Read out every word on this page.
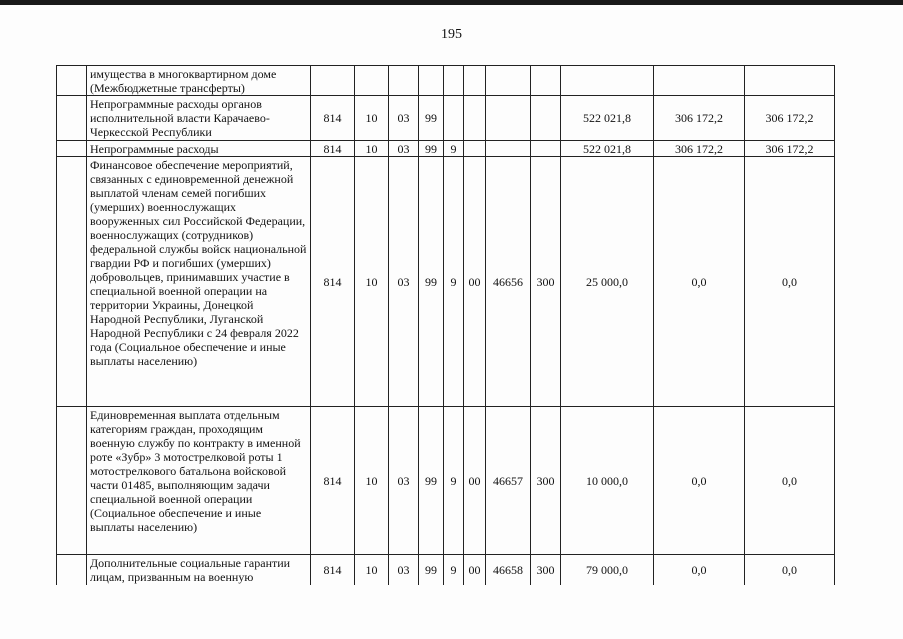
195
	имущества в многоквартирном доме (Межбюджетные трансферты)											
	Непрограммные расходы органов исполнительной власти Карачаево-Черкесской Республики	814	10	03	99					522 021,8	306 172,2	306 172,2
	Непрограммные расходы	814	10	03	99	9				522 021,8	306 172,2	306 172,2
	Финансовое обеспечение мероприятий, связанных с единовременной денежной выплатой членам семей погибших (умерших) военнослужащих вооруженных сил Российской Федерации, военнослужащих (сотрудников) федеральной службы войск национальной гвардии РФ и погибших (умерших) добровольцев, принимавших участие в специальной военной операции на территории Украины, Донецкой Народной Республики, Луганской Народной Республики с 24 февраля 2022 года (Социальное обеспечение и иные выплаты населению)	814	10	03	99	9	00	46656	300	25 000,0	0,0	0,0
	Единовременная выплата отдельным категориям граждан, проходящим военную службу по контракту в именной роте «Зубр» 3 мотострелковой роты 1 мотострелкового батальона войсковой части 01485, выполняющим задачи специальной военной операции (Социальное обеспечение и иные выплаты населению)	814	10	03	99	9	00	46657	300	10 000,0	0,0	0,0
	Дополнительные социальные гарантии лицам, призванным на военную	814	10	03	99	9	00	46658	300	79 000,0	0,0	0,0
